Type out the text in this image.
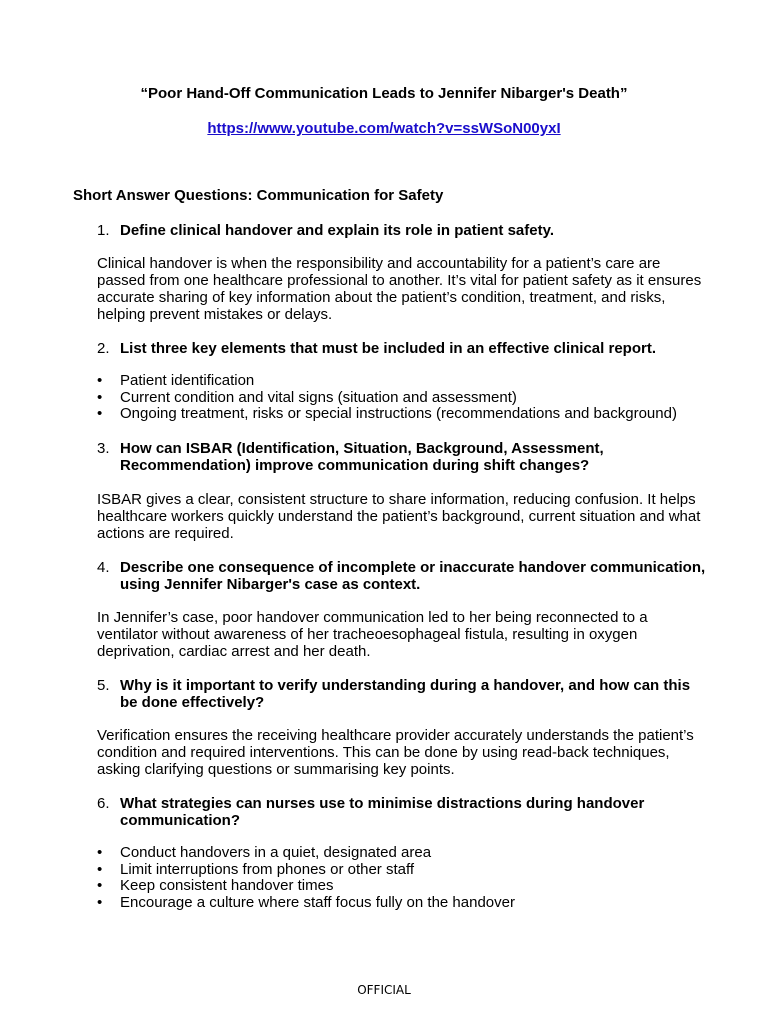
“Poor Hand-Off Communication Leads to Jennifer Nibarger's Death”
https://www.youtube.com/watch?v=ssWSoN00yxI
Short Answer Questions: Communication for Safety
1. Define clinical handover and explain its role in patient safety.
Clinical handover is when the responsibility and accountability for a patient’s care are passed from one healthcare professional to another. It’s vital for patient safety as it ensures accurate sharing of key information about the patient’s condition, treatment, and risks, helping prevent mistakes or delays.
2. List three key elements that must be included in an effective clinical report.
• Patient identification
• Current condition and vital signs (situation and assessment)
• Ongoing treatment, risks or special instructions (recommendations and background)
3. How can ISBAR (Identification, Situation, Background, Assessment, Recommendation) improve communication during shift changes?
ISBAR gives a clear, consistent structure to share information, reducing confusion. It helps healthcare workers quickly understand the patient’s background, current situation and what actions are required.
4. Describe one consequence of incomplete or inaccurate handover communication, using Jennifer Nibarger's case as context.
In Jennifer’s case, poor handover communication led to her being reconnected to a ventilator without awareness of her tracheoesophageal fistula, resulting in oxygen deprivation, cardiac arrest and her death.
5. Why is it important to verify understanding during a handover, and how can this be done effectively?
Verification ensures the receiving healthcare provider accurately understands the patient’s condition and required interventions. This can be done by using read-back techniques, asking clarifying questions or summarising key points.
6. What strategies can nurses use to minimise distractions during handover communication?
• Conduct handovers in a quiet, designated area
• Limit interruptions from phones or other staff
• Keep consistent handover times
• Encourage a culture where staff focus fully on the handover
OFFICIAL
